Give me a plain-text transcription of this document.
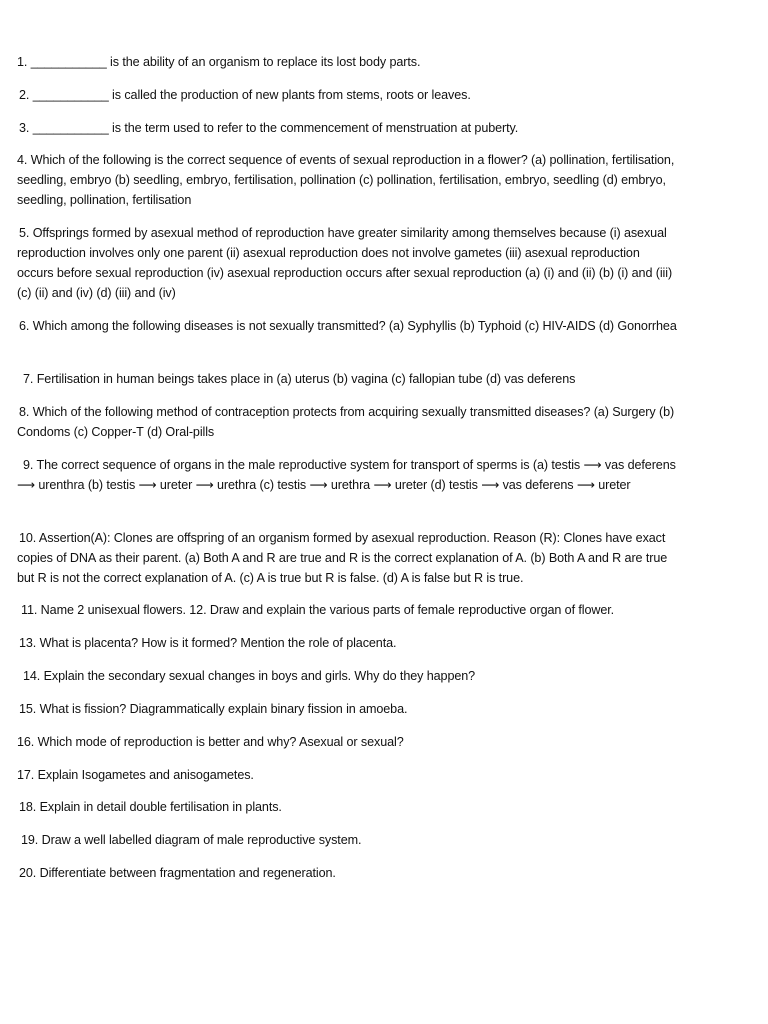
1. ___________ is the ability of an organism to replace its lost body parts.

2. ___________ is called the production of new plants from stems, roots or leaves.

3. ___________ is the term used to refer to the commencement of menstruation at puberty.

4. Which of the following is the correct sequence of events of sexual reproduction in a flower? (a) pollination, fertilisation, seedling, embryo (b) seedling, embryo, fertilisation, pollination (c) pollination, fertilisation, embryo, seedling (d) embryo, seedling, pollination, fertilisation

5. Offsprings formed by asexual method of reproduction have greater similarity among themselves because (i) asexual reproduction involves only one parent (ii) asexual reproduction does not involve gametes (iii) asexual reproduction occurs before sexual reproduction (iv) asexual reproduction occurs after sexual reproduction (a) (i) and (ii) (b) (i) and (iii) (c) (ii) and (iv) (d) (iii) and (iv)

6. Which among the following diseases is not sexually transmitted? (a) Syphyllis (b) Typhoid (c) HIV-AIDS (d) Gonorrhea

7. Fertilisation in human beings takes place in (a) uterus (b) vagina (c) fallopian tube (d) vas deferens

8. Which of the following method of contraception protects from acquiring sexually transmitted diseases? (a) Surgery (b) Condoms (c) Copper-T (d) Oral-pills

9. The correct sequence of organs in the male reproductive system for transport of sperms is (a) testis ⟶ vas deferens ⟶ urenthra (b) testis ⟶ ureter ⟶ urethra (c) testis ⟶ urethra ⟶ ureter (d) testis ⟶ vas deferens ⟶ ureter

10. Assertion(A): Clones are offspring of an organism formed by asexual reproduction. Reason (R): Clones have exact copies of DNA as their parent. (a) Both A and R are true and R is the correct explanation of A. (b) Both A and R are true but R is not the correct explanation of A. (c) A is true but R is false. (d) A is false but R is true.

11. Name 2 unisexual flowers. 12. Draw and explain the various parts of female reproductive organ of flower.

13. What is placenta? How is it formed? Mention the role of placenta.

14. Explain the secondary sexual changes in boys and girls. Why do they happen?

15. What is fission? Diagrammatically explain binary fission in amoeba.

16. Which mode of reproduction is better and why? Asexual or sexual?

17. Explain Isogametes and anisogametes.

18. Explain in detail double fertilisation in plants.

19. Draw a well labelled diagram of male reproductive system.

20. Differentiate between fragmentation and regeneration.
